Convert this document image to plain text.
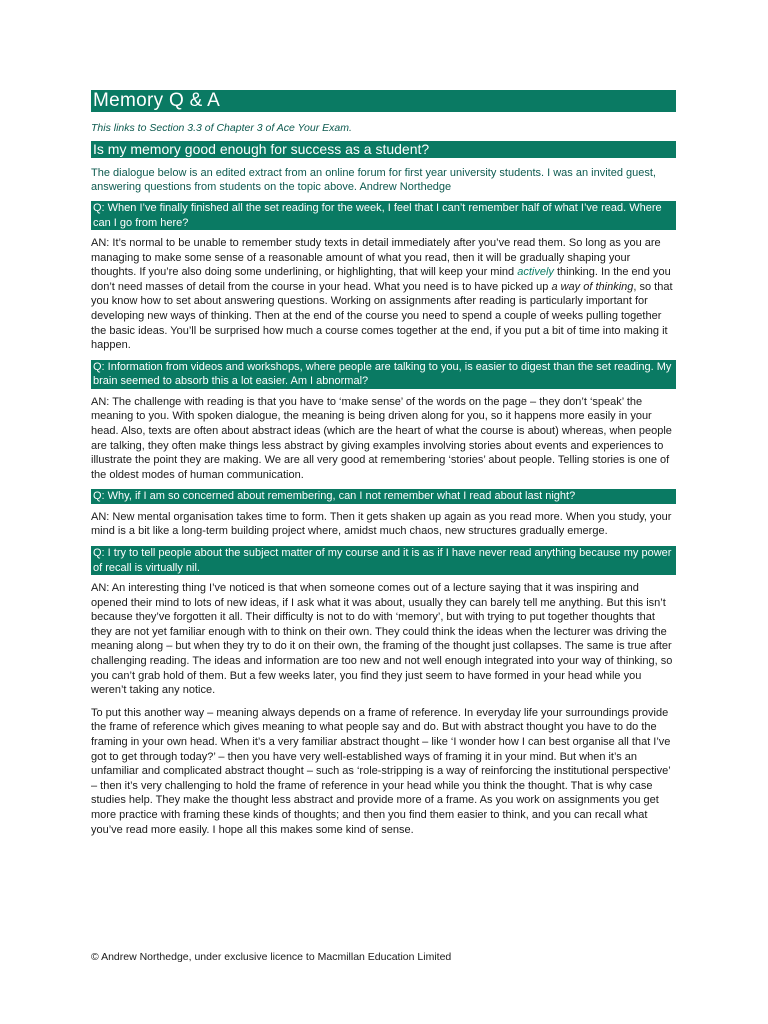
Memory Q & A

This links to Section 3.3 of Chapter 3 of Ace Your Exam.

Is my memory good enough for success as a student?

The dialogue below is an edited extract from an online forum for first year university students. I was an invited guest, answering questions from students on the topic above. Andrew Northedge

Q: When I’ve finally finished all the set reading for the week, I feel that I can’t remember half of what I’ve read. Where can I go from here?

AN: It’s normal to be unable to remember study texts in detail immediately after you’ve read them. So long as you are managing to make some sense of a reasonable amount of what you read, then it will be gradually shaping your thoughts. If you’re also doing some underlining, or highlighting, that will keep your mind actively thinking. In the end you don’t need masses of detail from the course in your head. What you need is to have picked up a way of thinking, so that you know how to set about answering questions. Working on assignments after reading is particularly important for developing new ways of thinking. Then at the end of the course you need to spend a couple of weeks pulling together the basic ideas. You’ll be surprised how much a course comes together at the end, if you put a bit of time into making it happen.

Q: Information from videos and workshops, where people are talking to you, is easier to digest than the set reading. My brain seemed to absorb this a lot easier. Am I abnormal?

AN: The challenge with reading is that you have to ‘make sense’ of the words on the page – they don’t ‘speak’ the meaning to you. With spoken dialogue, the meaning is being driven along for you, so it happens more easily in your head. Also, texts are often about abstract ideas (which are the heart of what the course is about) whereas, when people are talking, they often make things less abstract by giving examples involving stories about events and experiences to illustrate the point they are making. We are all very good at remembering ‘stories’ about people. Telling stories is one of the oldest modes of human communication.

Q: Why, if I am so concerned about remembering, can I not remember what I read about last night?

AN: New mental organisation takes time to form. Then it gets shaken up again as you read more. When you study, your mind is a bit like a long-term building project where, amidst much chaos, new structures gradually emerge.

Q: I try to tell people about the subject matter of my course and it is as if I have never read anything because my power of recall is virtually nil.

AN: An interesting thing I’ve noticed is that when someone comes out of a lecture saying that it was inspiring and opened their mind to lots of new ideas, if I ask what it was about, usually they can barely tell me anything. But this isn’t because they’ve forgotten it all. Their difficulty is not to do with ‘memory’, but with trying to put together thoughts that they are not yet familiar enough with to think on their own. They could think the ideas when the lecturer was driving the meaning along – but when they try to do it on their own, the framing of the thought just collapses. The same is true after challenging reading. The ideas and information are too new and not well enough integrated into your way of thinking, so you can’t grab hold of them. But a few weeks later, you find they just seem to have formed in your head while you weren’t taking any notice.

To put this another way – meaning always depends on a frame of reference. In everyday life your surroundings provide the frame of reference which gives meaning to what people say and do. But with abstract thought you have to do the framing in your own head. When it’s a very familiar abstract thought – like ‘I wonder how I can best organise all that I’ve got to get through today?’ – then you have very well-established ways of framing it in your mind. But when it’s an unfamiliar and complicated abstract thought – such as ‘role-stripping is a way of reinforcing the institutional perspective’ – then it’s very challenging to hold the frame of reference in your head while you think the thought. That is why case studies help. They make the thought less abstract and provide more of a frame. As you work on assignments you get more practice with framing these kinds of thoughts; and then you find them easier to think, and you can recall what you’ve read more easily. I hope all this makes some kind of sense.

© Andrew Northedge, under exclusive licence to Macmillan Education Limited
